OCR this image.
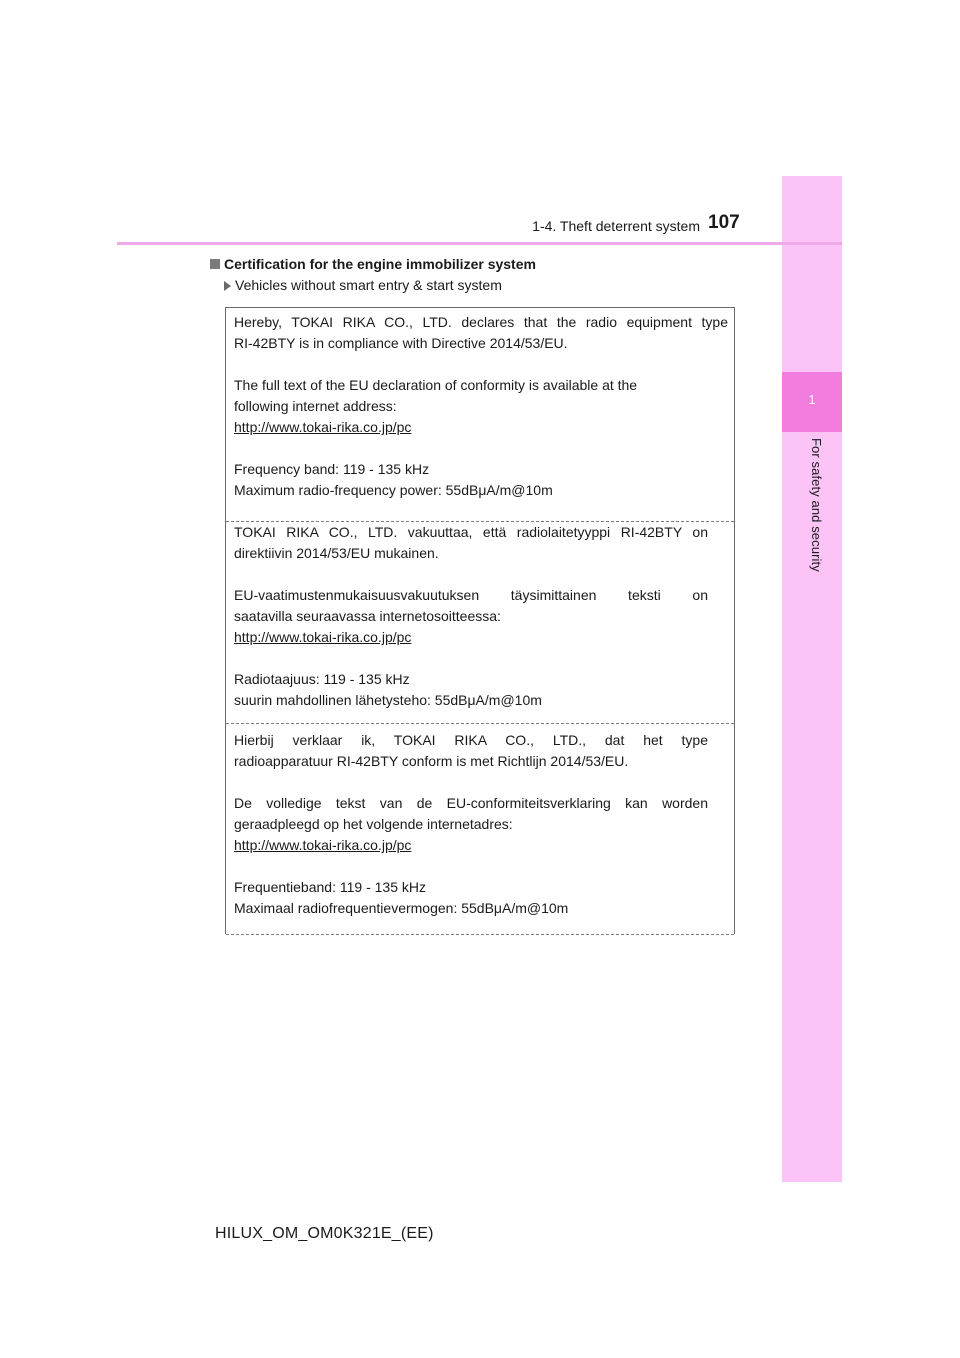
1
For safety and security
1-4. Theft deterrent system 107
Certification for the engine immobilizer system
Vehicles without smart entry & start system
Hereby, TOKAI RIKA CO., LTD. declares that the radio equipment type
RI-42BTY is in compliance with Directive 2014/53/EU.
The full text of the EU declaration of conformity is available at the
following internet address:
http://www.tokai-rika.co.jp/pc
Frequency band: 119 - 135 kHz
Maximum radio-frequency power: 55dBμA/m@10m
TOKAI RIKA CO., LTD. vakuuttaa, että radiolaitetyyppi RI-42BTY on
direktiivin 2014/53/EU mukainen.
EU-vaatimustenmukaisuusvakuutuksen täysimittainen teksti on
saatavilla seuraavassa internetosoitteessa:
http://www.tokai-rika.co.jp/pc
Radiotaajuus: 119 - 135 kHz
suurin mahdollinen lähetysteho: 55dBμA/m@10m
Hierbij verklaar ik, TOKAI RIKA CO., LTD., dat het type
radioapparatuur RI-42BTY conform is met Richtlijn 2014/53/EU.
De volledige tekst van de EU-conformiteitsverklaring kan worden
geraadpleegd op het volgende internetadres:
http://www.tokai-rika.co.jp/pc
Frequentieband: 119 - 135 kHz
Maximaal radiofrequentievermogen: 55dBμA/m@10m
HILUX_OM_OM0K321E_(EE)
